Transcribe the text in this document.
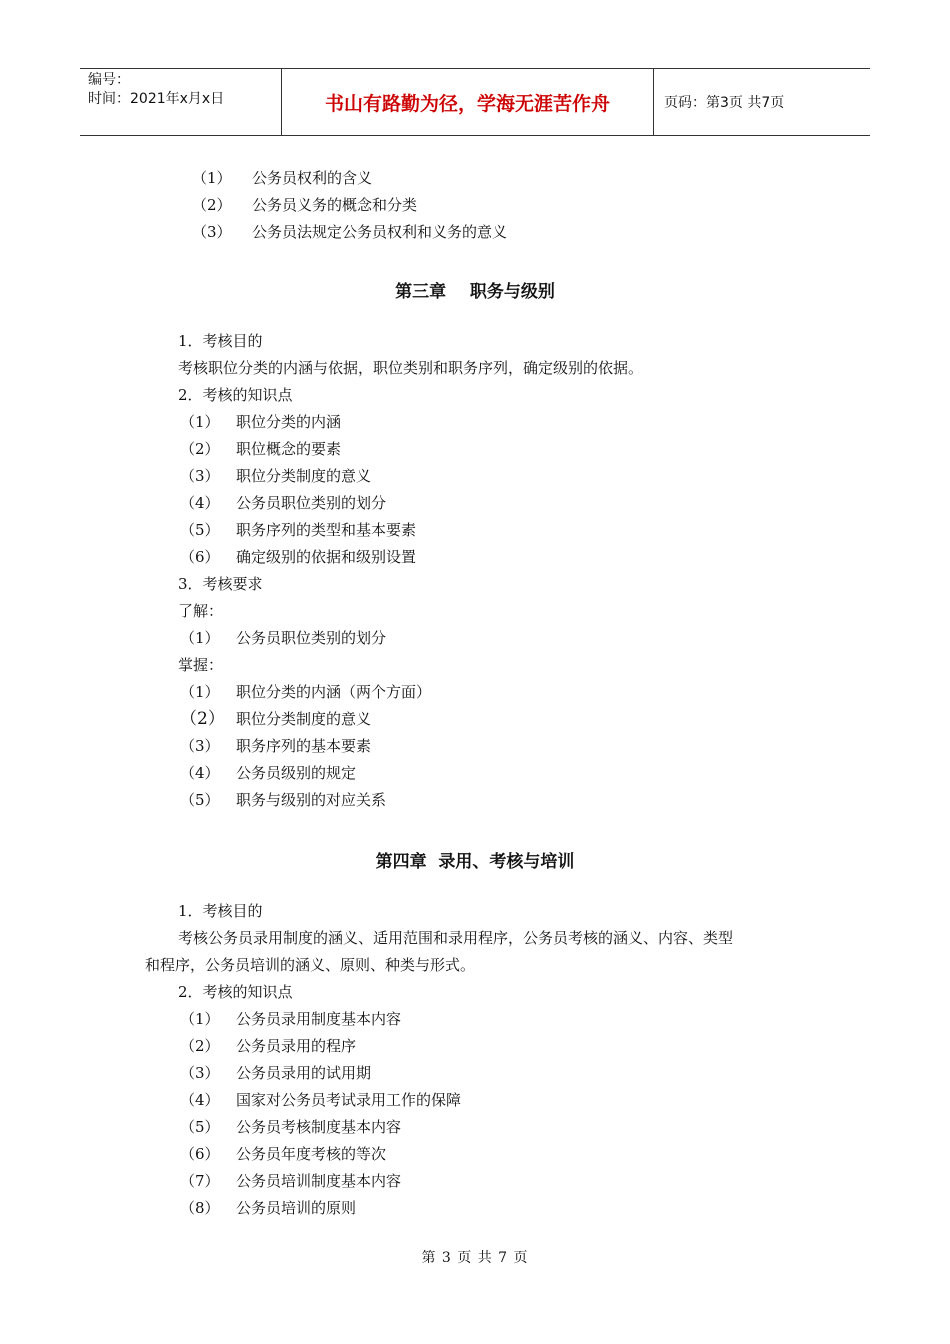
编号：
时间：2021年x月x日	书山有路勤为径，学海无涯苦作舟	页码：第3页 共7页
（1） 公务员权利的含义
（2） 公务员义务的概念和分类
（3） 公务员法规定公务员权利和义务的意义
第三章    职务与级别
1．考核目的
考核职位分类的内涵与依据，职位类别和职务序列，确定级别的依据。
2．考核的知识点
（1） 职位分类的内涵
（2） 职位概念的要素
（3） 职位分类制度的意义
（4） 公务员职位类别的划分
（5） 职务序列的类型和基本要素
（6） 确定级别的依据和级别设置
3．考核要求
了解：
（1） 公务员职位类别的划分
掌握：
（1） 职位分类的内涵（两个方面）
（2） 职位分类制度的意义
（3） 职务序列的基本要素
（4） 公务员级别的规定
（5） 职务与级别的对应关系
第四章  录用、考核与培训
1．考核目的
考核公务员录用制度的涵义、适用范围和录用程序，公务员考核的涵义、内容、类型
和程序，公务员培训的涵义、原则、种类与形式。
2．考核的知识点
（1） 公务员录用制度基本内容
（2） 公务员录用的程序
（3） 公务员录用的试用期
（4） 国家对公务员考试录用工作的保障
（5） 公务员考核制度基本内容
（6） 公务员年度考核的等次
（7） 公务员培训制度基本内容
（8） 公务员培训的原则
第 3 页 共 7 页
